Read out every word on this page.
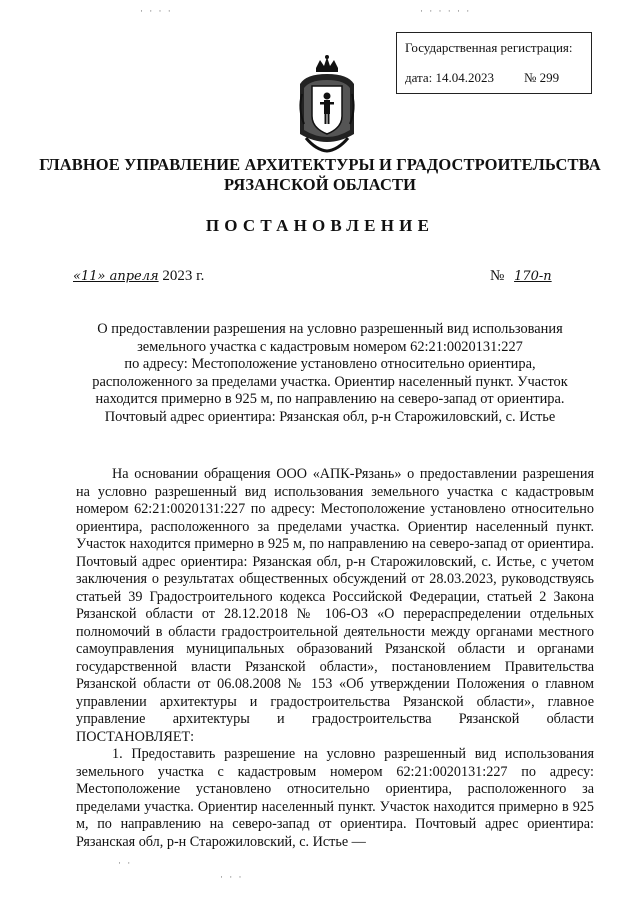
· · · ·	· · · · · ·
Государственная регистрация:
дата: 14.04.2023 № 299
ГЛАВНОЕ УПРАВЛЕНИЕ АРХИТЕКТУРЫ И ГРАДОСТРОИТЕЛЬСТВА
РЯЗАНСКОЙ ОБЛАСТИ
ПОСТАНОВЛЕНИЕ
«11» апреля 2023 г.	№ 170-п
О предоставлении разрешения на условно разрешенный вид использования
земельного участка с кадастровым номером 62:21:0020131:227
по адресу: Местоположение установлено относительно ориентира,
расположенного за пределами участка. Ориентир населенный пункт. Участок
находится примерно в 925 м, по направлению на северо-запад от ориентира.
Почтовый адрес ориентира: Рязанская обл, р-н Старожиловский, с. Истье

На основании обращения ООО «АПК-Рязань» о предоставлении разрешения на условно разрешенный вид использования земельного участка с кадастровым номером 62:21:0020131:227 по адресу: Местоположение установлено относительно ориентира, расположенного за пределами участка. Ориентир населенный пункт. Участок находится примерно в 925 м, по направлению на северо-запад от ориентира. Почтовый адрес ориентира: Рязанская обл, р-н Старожиловский, с. Истье, с учетом заключения о результатах общественных обсуждений от 28.03.2023, руководствуясь статьей 39 Градостроительного кодекса Российской Федерации, статьей 2 Закона Рязанской области от 28.12.2018 № 106-ОЗ «О перераспределении отдельных полномочий в области градостроительной деятельности между органами местного самоуправления муниципальных образований Рязанской области и органами государственной власти Рязанской области», постановлением Правительства Рязанской области от 06.08.2008 № 153 «Об утверждении Положения о главном управлении архитектуры и градостроительства Рязанской области», главное управление архитектуры и градостроительства Рязанской области

ПОСТАНОВЛЯЕТ:

1. Предоставить разрешение на условно разрешенный вид использования земельного участка с кадастровым номером 62:21:0020131:227 по адресу: Местоположение установлено относительно ориентира, расположенного за пределами участка. Ориентир населенный пункт. Участок находится примерно в 925 м, по направлению на северо-запад от ориентира. Почтовый адрес ориентира: Рязанская обл, р-н Старожиловский, с. Истье —

· ·
· · ·
